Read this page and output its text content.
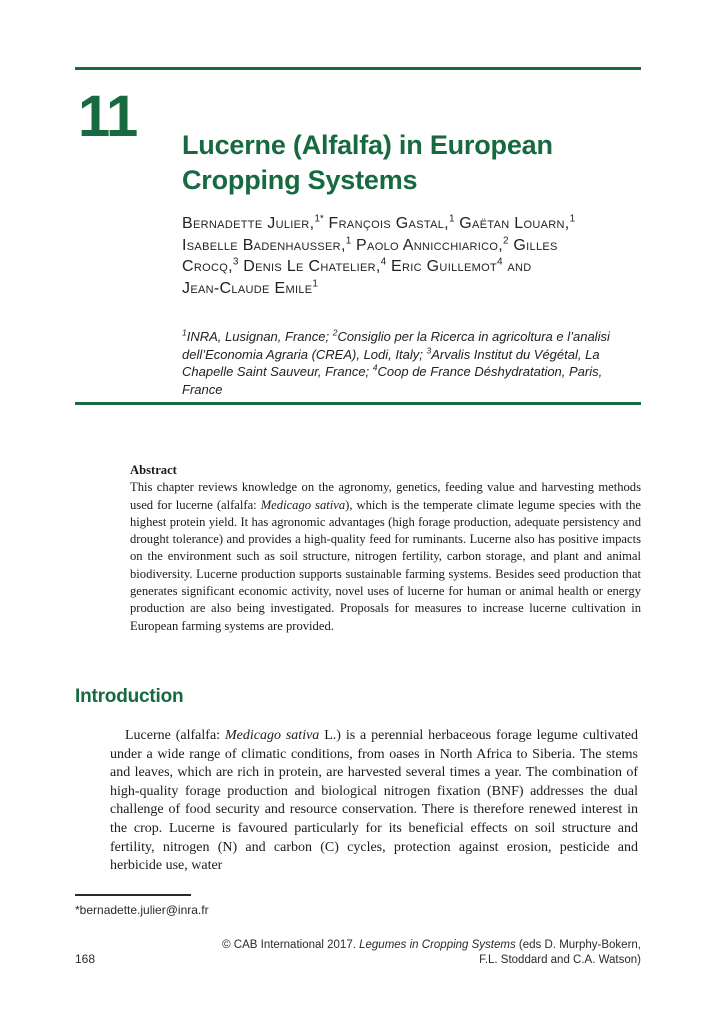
11 Lucerne (Alfalfa) in European
Cropping Systems
Bernadette Julier,$^{1*}$ François Gastal,$^1$ Gaëtan Louarn,$^1$
Isabelle Badenhausser,$^1$ Paolo Annicchiarico,$^2$ Gilles
Crocq,$^3$ Denis Le Chatelier,$^4$ Eric Guillemot$^4$ and
Jean-Claude Emile$^1$
$^1$INRA, Lusignan, France; $^2$Consiglio per la Ricerca in agricoltura e l’analisi dell’Economia Agraria (CREA), Lodi, Italy; $^3$Arvalis Institut du Végétal, La Chapelle Saint Sauveur, France; $^4$Coop de France Déshydratation, Paris, France
Abstract
This chapter reviews knowledge on the agronomy, genetics, feeding value and harvesting methods used for lucerne (alfalfa: Medicago sativa), which is the temperate climate legume species with the highest protein yield. It has agronomic advantages (high forage production, adequate persistency and drought tolerance) and provides a high-quality feed for ruminants. Lucerne also has positive impacts on the environment such as soil structure, nitrogen fertility, carbon storage, and plant and animal biodiversity. Lucerne production supports sustainable farming systems. Besides seed production that generates significant economic activity, novel uses of lucerne for human or animal health or energy production are also being investigated. Proposals for measures to increase lucerne cultivation in European farming systems are provided.
Introduction
Lucerne (alfalfa: Medicago sativa L.) is a perennial herbaceous forage legume cultivated under a wide range of climatic conditions, from oases in North Africa to Siberia. The stems and leaves, which are rich in protein, are harvested several times a year. The combination of high-quality forage production and biological nitrogen fixation (BNF) addresses the dual challenge of food security and resource conservation. There is therefore renewed interest in the crop. Lucerne is favoured particularly for its beneficial effects on soil structure and fertility, nitrogen (N) and carbon (C) cycles, protection against erosion, pesticide and herbicide use, water
*bernadette.julier@inra.fr
© CAB International 2017. Legumes in Cropping Systems (eds D. Murphy-Bokern, F.L. Stoddard and C.A. Watson)
168
